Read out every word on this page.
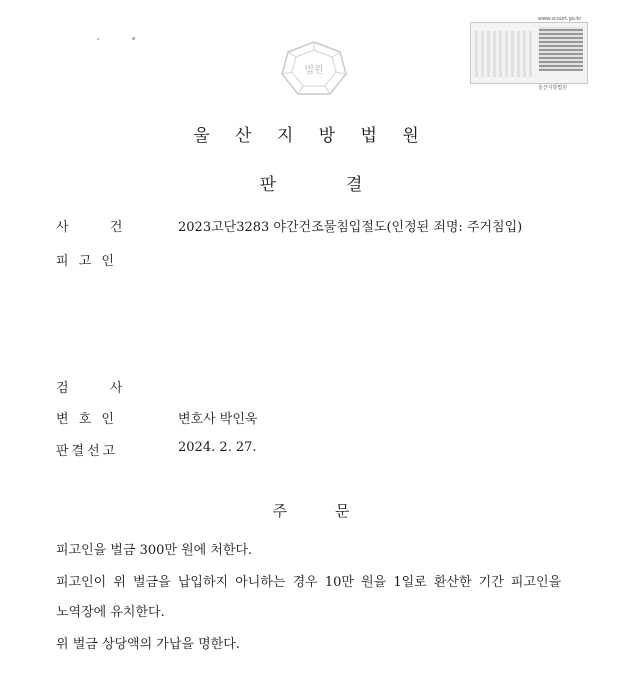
법원
www.scourt.go.kr
울산지방법원
울 산 지 방 법 원
판	결
사          건	2023고단3283 야간건조물침입절도(인정된 죄명: 주거침입)
피 고 인
검          사
변 호 인	변호사 박인욱
판결선고	2024. 2. 27.
주	문
피고인을 벌금 300만 원에 처한다.
피고인이 위 벌금을 납입하지 아니하는 경우 10만 원을 1일로 환산한 기간 피고인을
노역장에 유치한다.
위 벌금 상당액의 가납을 명한다.
